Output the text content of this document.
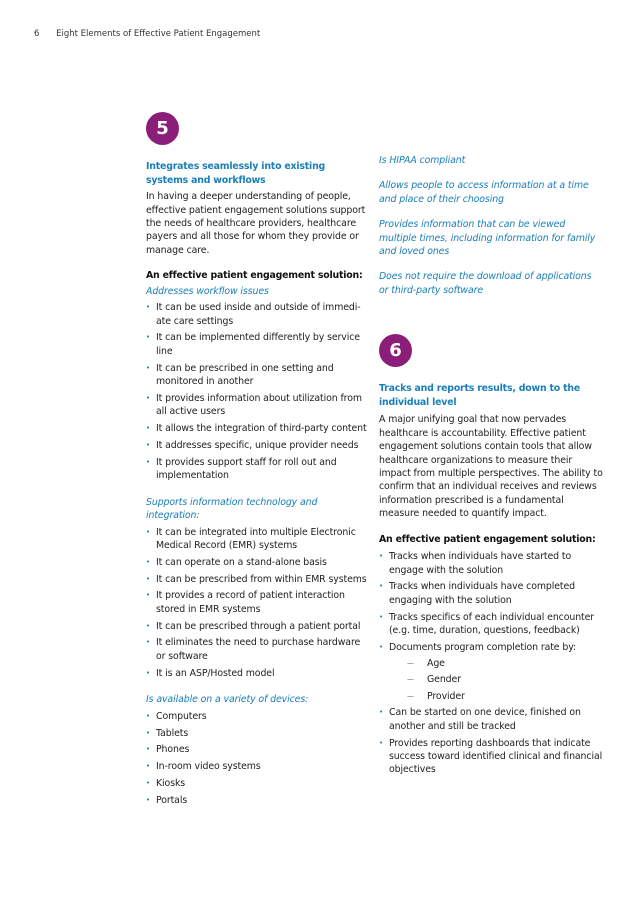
6 Eight Elements of Effective Patient Engagement
5
Integrates seamlessly into existing systems and workflows
In having a deeper understanding of people, effective patient engagement solutions support the needs of healthcare providers, healthcare payers and all those for whom they provide or manage care.
An effective patient engagement solution:
Addresses workflow issues
• It can be used inside and outside of immedi-ate care settings
• It can be implemented differently by service line
• It can be prescribed in one setting and monitored in another
• It provides information about utilization from all active users
• It allows the integration of third-party content
• It addresses specific, unique provider needs
• It provides support staff for roll out and implementation
Supports information technology and integration:
• It can be integrated into multiple Electronic Medical Record (EMR) systems
• It can operate on a stand-alone basis
• It can be prescribed from within EMR systems
• It provides a record of patient interaction stored in EMR systems
• It can be prescribed through a patient portal
• It eliminates the need to purchase hardware or software
• It is an ASP/Hosted model
Is available on a variety of devices:
• Computers
• Tablets
• Phones
• In-room video systems
• Kiosks
• Portals
Is HIPAA compliant
Allows people to access information at a time and place of their choosing
Provides information that can be viewed multiple times, including information for family and loved ones
Does not require the download of applications or third-party software
6
Tracks and reports results, down to the individual level
A major unifying goal that now pervades healthcare is accountability. Effective patient engagement solutions contain tools that allow healthcare organizations to measure their impact from multiple perspectives. The ability to confirm that an individual receives and reviews information prescribed is a fundamental measure needed to quantify impact.
An effective patient engagement solution:
• Tracks when individuals have started to engage with the solution
• Tracks when individuals have completed engaging with the solution
• Tracks specifics of each individual encounter (e.g. time, duration, questions, feedback)
• Documents program completion rate by:
— Age
— Gender
— Provider
• Can be started on one device, finished on another and still be tracked
• Provides reporting dashboards that indicate success toward identified clinical and financial objectives
